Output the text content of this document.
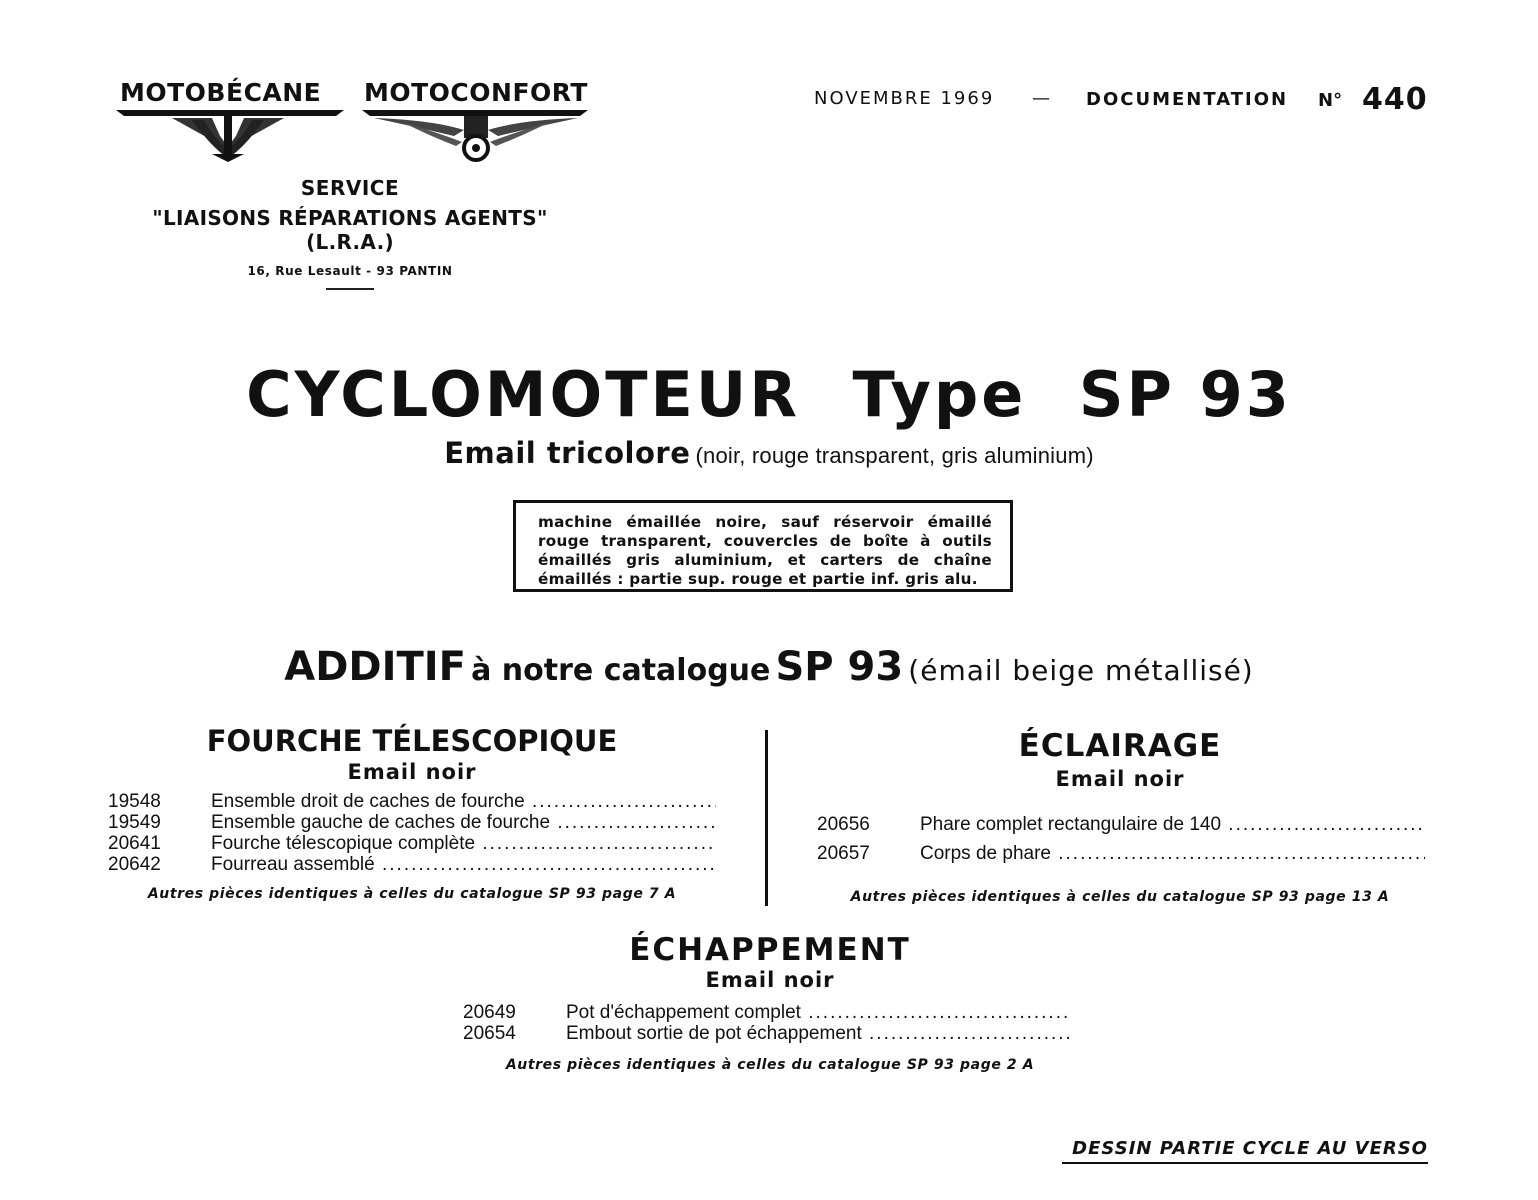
MOTOBÉCANE MOTOCONFORT
SERVICE
"LIAISONS RÉPARATIONS AGENTS" (L.R.A.)
16, Rue Lesault - 93 PANTIN
NOVEMBRE 1969 — DOCUMENTATION N° 440
CYCLOMOTEUR Type SP 93
Email tricolore (noir, rouge transparent, gris aluminium)
machine émaillée noire, sauf réservoir émaillé rouge transparent, couvercles de boîte à outils émaillés gris aluminium, et carters de chaîne émaillés : partie sup. rouge et partie inf. gris alu.
ADDITIF à notre catalogue SP 93 (émail beige métallisé)
FOURCHE TÉLESCOPIQUE
Email noir
19548	Ensemble droit de caches de fourche .....
19549	Ensemble gauche de caches de fourche .....
20641	Fourche télescopique complète .....
20642	Fourreau assemblé .....
Autres pièces identiques à celles du catalogue SP 93 page 7 A
ÉCLAIRAGE
Email noir
20656	Phare complet rectangulaire de 140 .....
20657	Corps de phare .....
Autres pièces identiques à celles du catalogue SP 93 page 13 A
ÉCHAPPEMENT
Email noir
20649	Pot d'échappement complet .....
20654	Embout sortie de pot échappement .....
Autres pièces identiques à celles du catalogue SP 93 page 2 A
DESSIN PARTIE CYCLE AU VERSO
